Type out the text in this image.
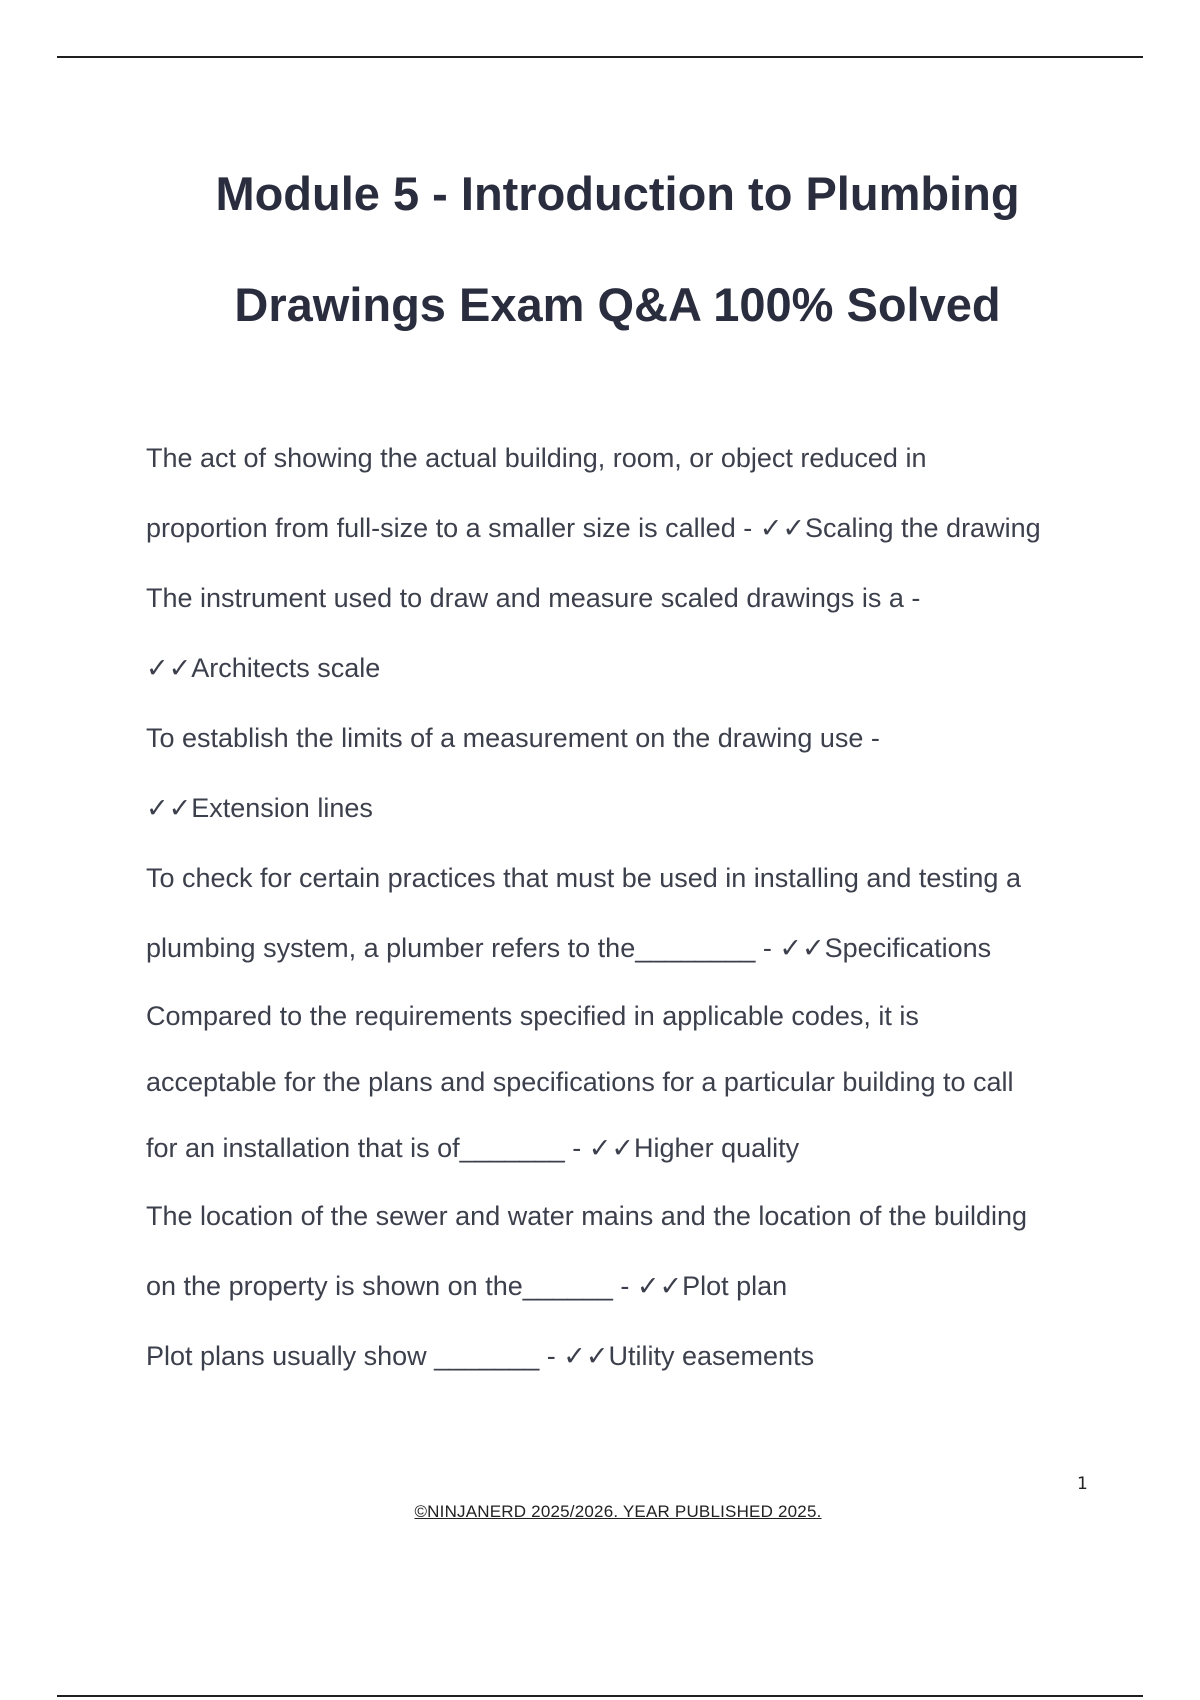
Module 5 - Introduction to Plumbing
Drawings Exam Q&A 100% Solved
The act of showing the actual building, room, or object reduced in
proportion from full-size to a smaller size is called - ✓✓Scaling the drawing
The instrument used to draw and measure scaled drawings is a -
✓✓Architects scale
To establish the limits of a measurement on the drawing use -
✓✓Extension lines
To check for certain practices that must be used in installing and testing a
plumbing system, a plumber refers to the________ - ✓✓Specifications
Compared to the requirements specified in applicable codes, it is
acceptable for the plans and specifications for a particular building to call
for an installation that is of_______ - ✓✓Higher quality
The location of the sewer and water mains and the location of the building
on the property is shown on the______ - ✓✓Plot plan
Plot plans usually show _______ - ✓✓Utility easements
1
©NINJANERD 2025/2026. YEAR PUBLISHED 2025.
